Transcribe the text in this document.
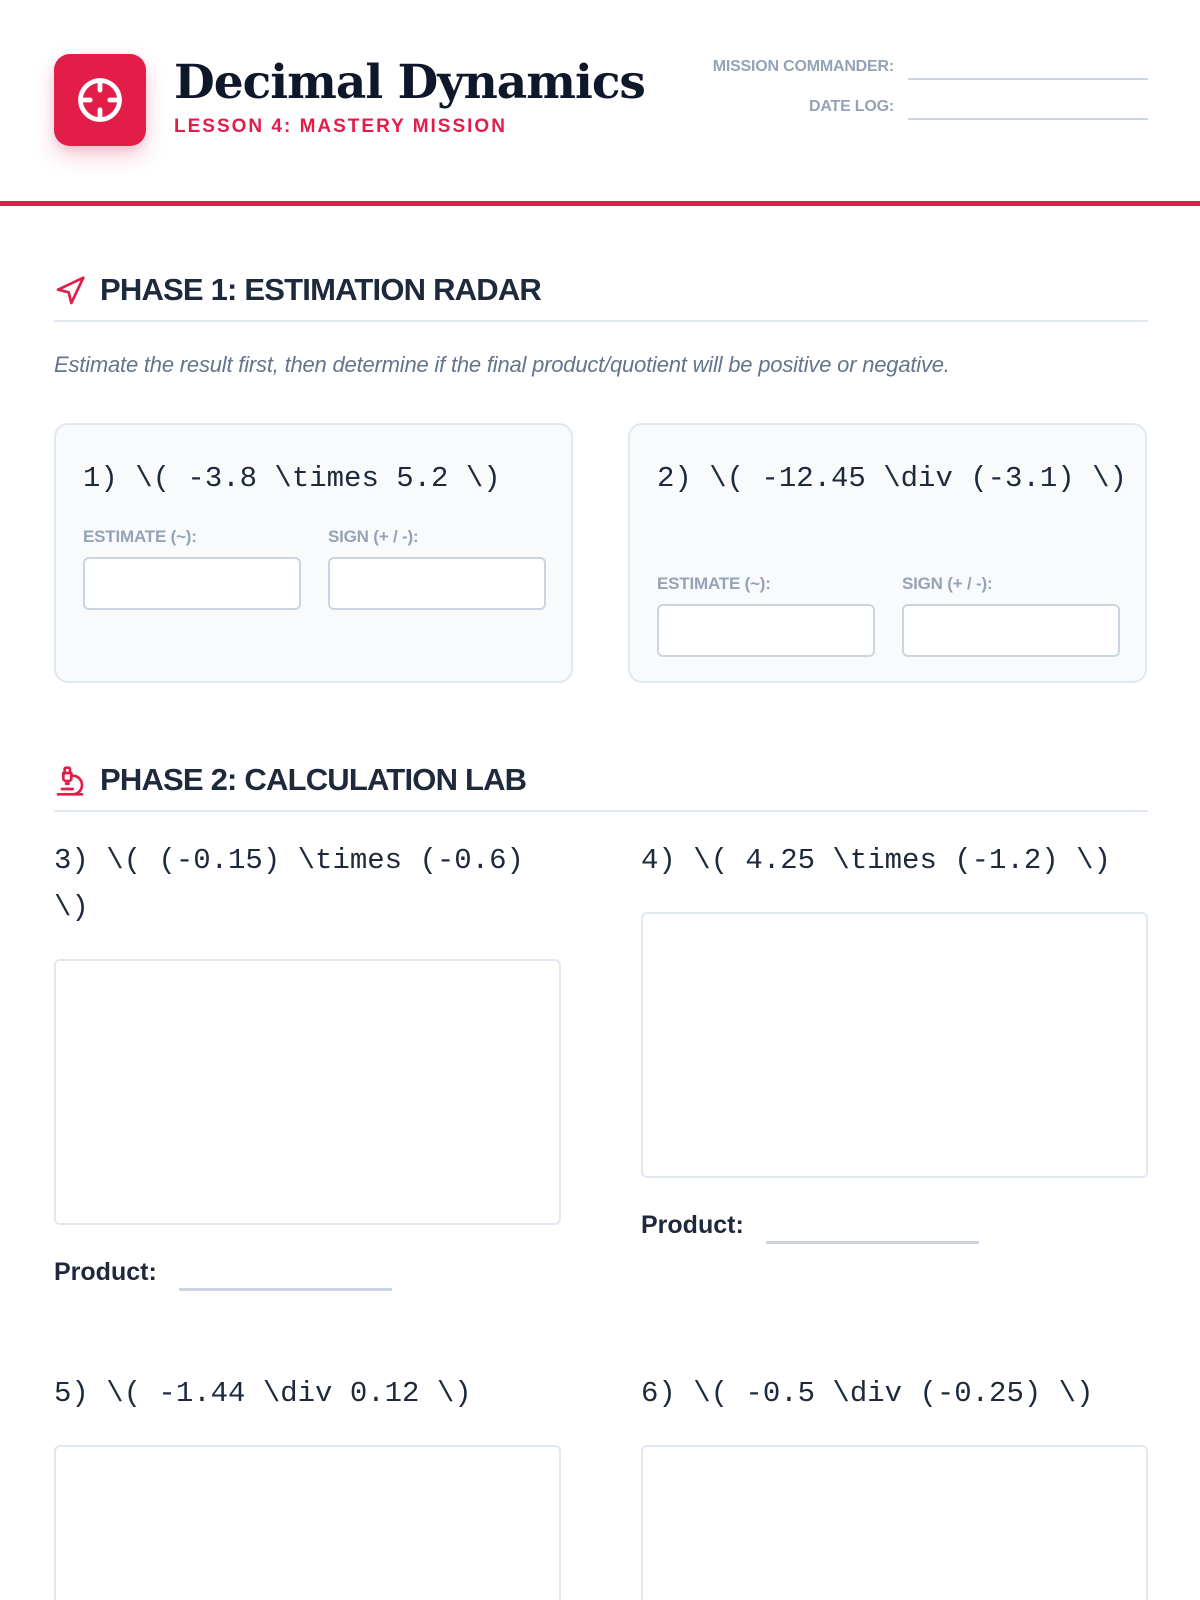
Decimal Dynamics
LESSON 4: MASTERY MISSION
MISSION COMMANDER:
DATE LOG:
PHASE 1: ESTIMATION RADAR
Estimate the result first, then determine if the final product/quotient will be positive or negative.
1) \( -3.8 \times 5.2 \)
ESTIMATE (~):	SIGN (+ / -):
2) \( -12.45 \div (-3.1) \)
ESTIMATE (~):	SIGN (+ / -):
PHASE 2: CALCULATION LAB
3) \( (-0.15) \times (-0.6) \)
Product:
4) \( 4.25 \times (-1.2) \)
Product:
5) \( -1.44 \div 0.12 \)	6) \( -0.5 \div (-0.25) \)
